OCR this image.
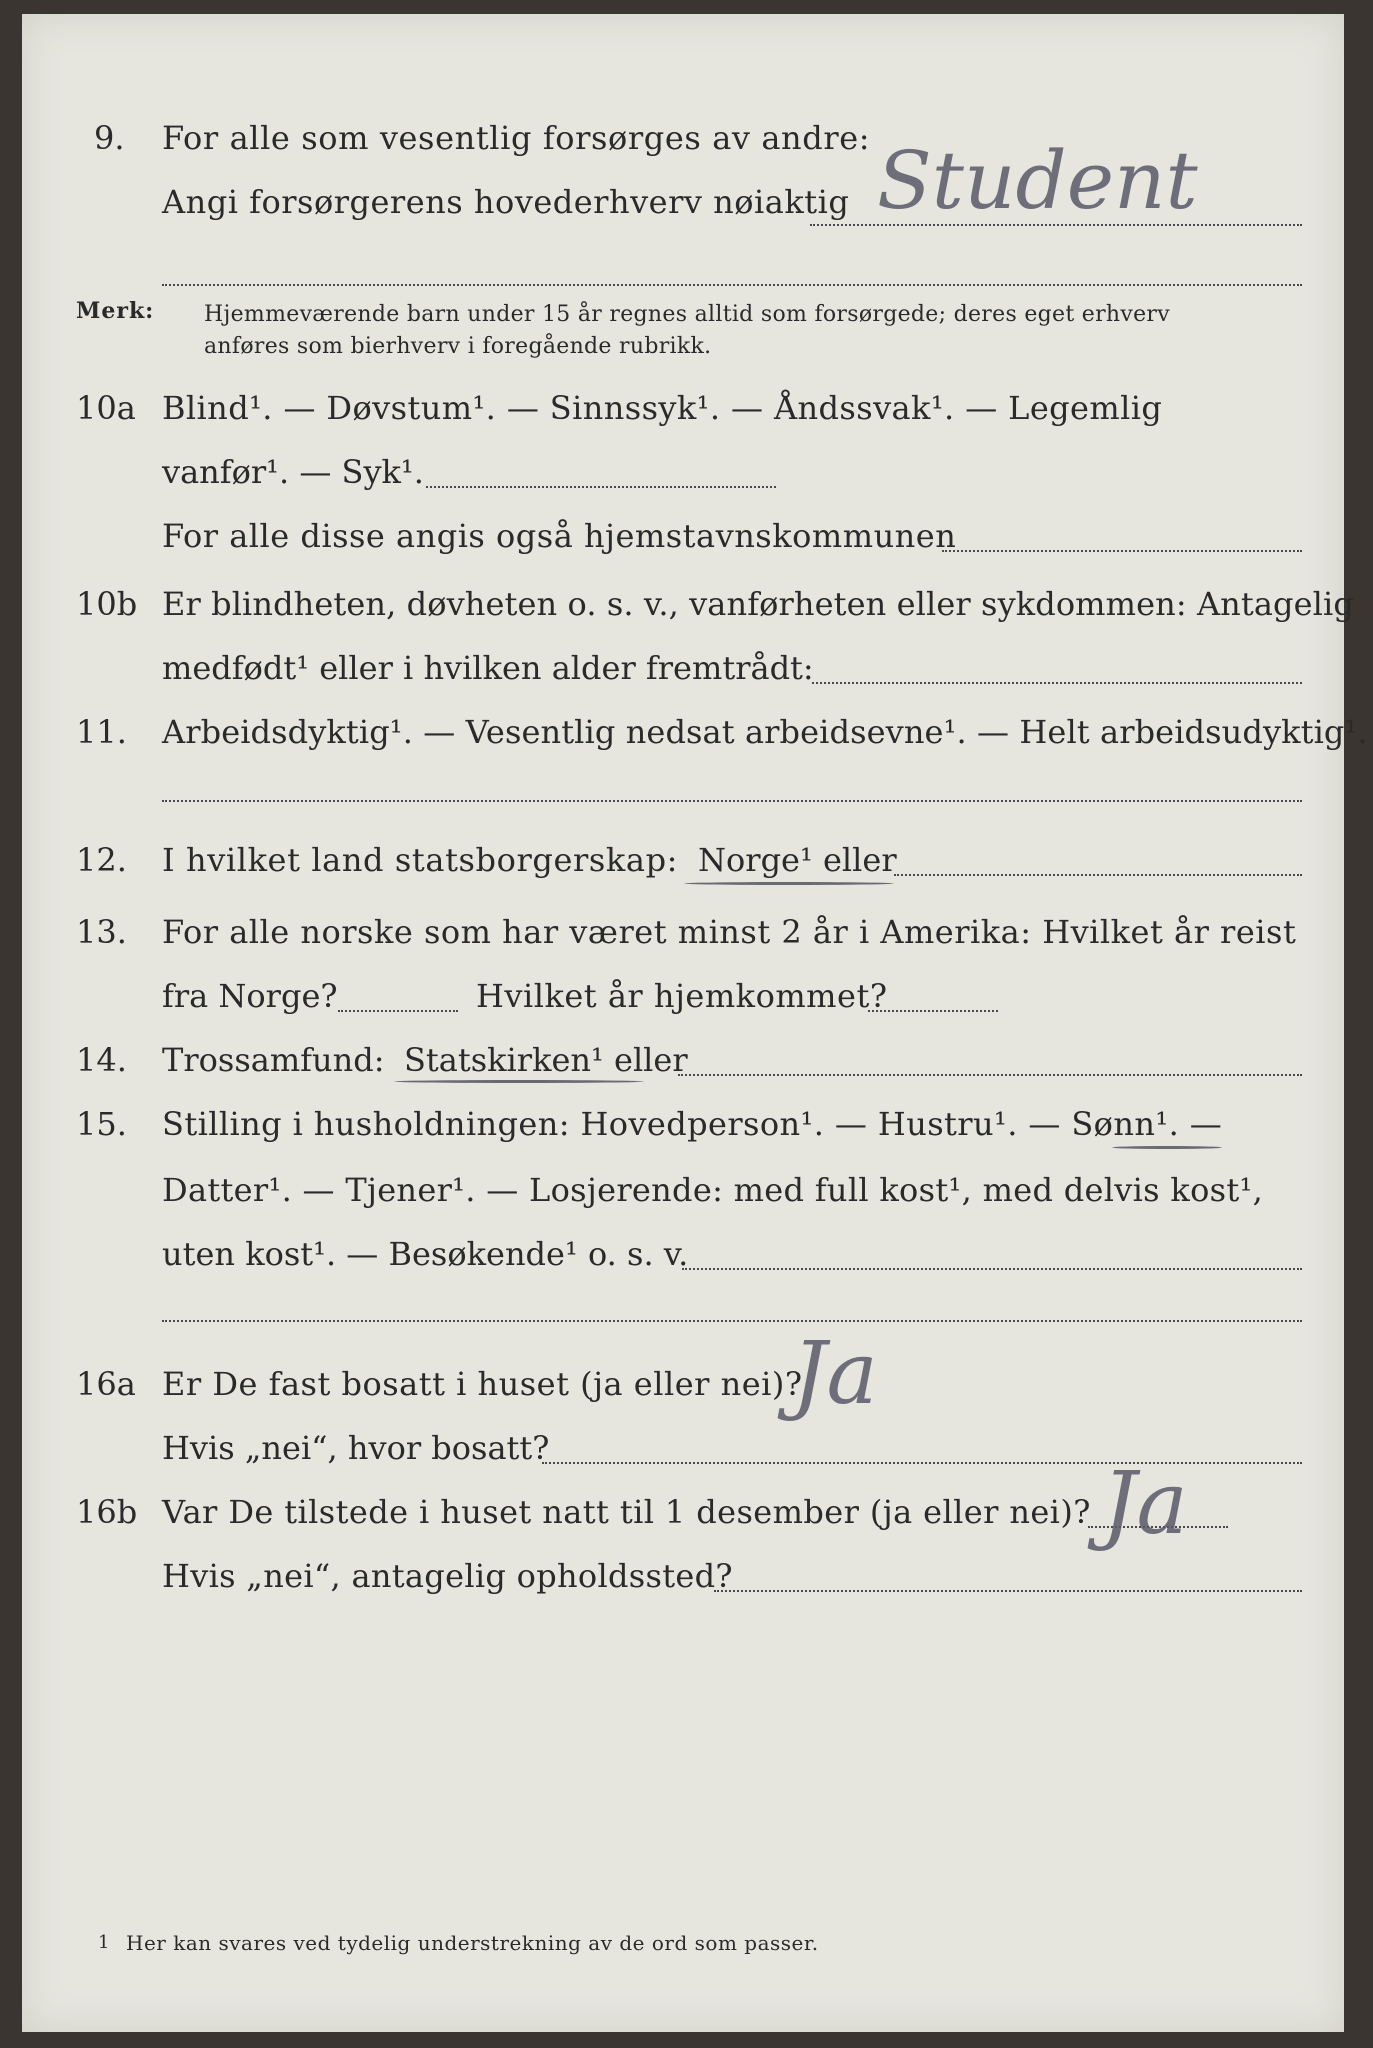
9. For alle som vesentlig forsørges av andre:
Angi forsørgerens hovederhverv nøiaktig Student
Merk: Hjemmeværende barn under 15 år regnes alltid som forsørgede; deres eget erhverv
anføres som bierhverv i foregående rubrikk.
10a Blind¹. — Døvstum¹. — Sinnssyk¹. — Åndssvak¹. — Legemlig
vanfør¹. — Syk¹.
For alle disse angis også hjemstavnskommunen
10b Er blindheten, døvheten o. s. v., vanførheten eller sykdommen: Antagelig
medfødt¹ eller i hvilken alder fremtrådt:
11. Arbeidsdyktig¹. — Vesentlig nedsat arbeidsevne¹. — Helt arbeidsudyktig¹.
12. I hvilket land statsborgerskap: Norge¹ eller
13. For alle norske som har været minst 2 år i Amerika: Hvilket år reist
fra Norge?	Hvilket år hjemkommet?
14. Trossamfund: Statskirken¹ eller
15. Stilling i husholdningen: Hovedperson¹. — Hustru¹. — Sønn¹. —
Datter¹. — Tjener¹. — Losjerende: med full kost¹, med delvis kost¹,
uten kost¹. — Besøkende¹ o. s. v.
16a Er De fast bosatt i huset (ja eller nei)?
Ja
Hvis „nei“, hvor bosatt?
16b Var De tilstede i huset natt til 1 desember (ja eller nei)? Ja
Hvis „nei“, antagelig opholdssted?
1 Her kan svares ved tydelig understrekning av de ord som passer.
